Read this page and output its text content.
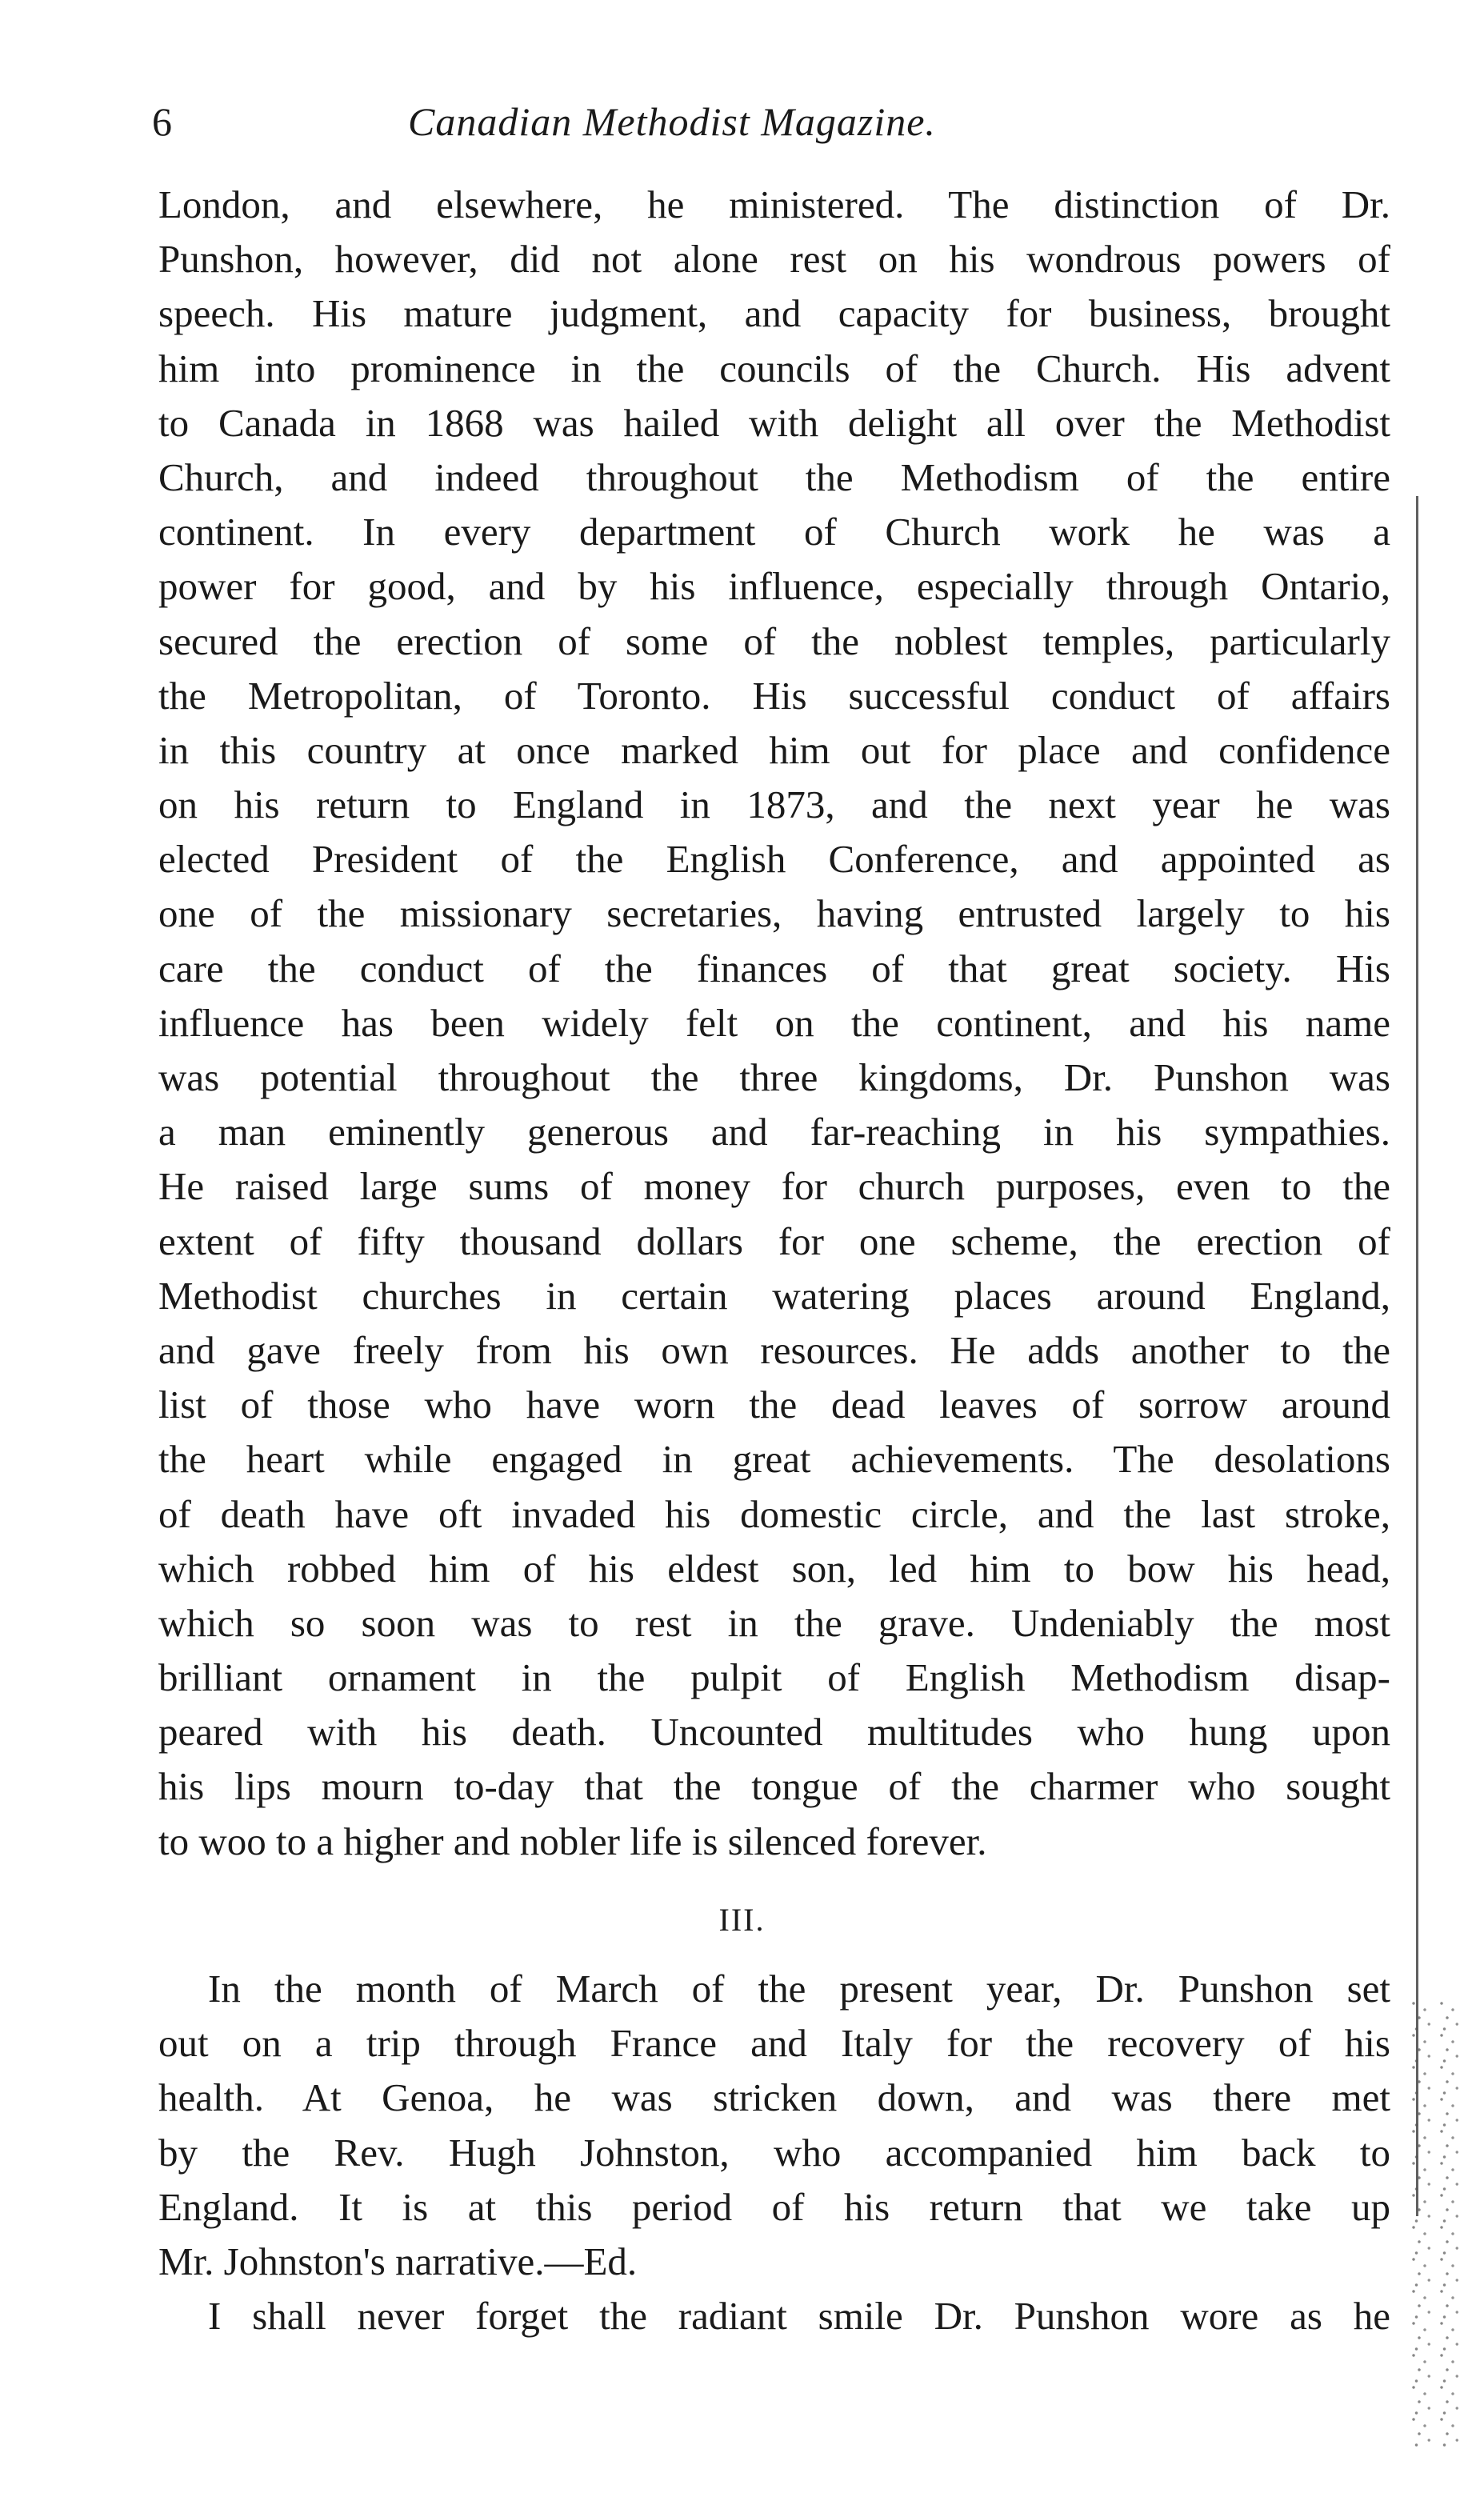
6	Canadian Methodist Magazine.
London, and elsewhere, he ministered. The distinction of Dr.
Punshon, however, did not alone rest on his wondrous powers of
speech. His mature judgment, and capacity for business, brought
him into prominence in the councils of the Church. His advent
to Canada in 1868 was hailed with delight all over the Methodist
Church, and indeed throughout the Methodism of the entire
continent. In every department of Church work he was a
power for good, and by his influence, especially through Ontario,
secured the erection of some of the noblest temples, particularly
the Metropolitan, of Toronto. His successful conduct of affairs
in this country at once marked him out for place and confidence
on his return to England in 1873, and the next year he was
elected President of the English Conference, and appointed as
one of the missionary secretaries, having entrusted largely to his
care the conduct of the finances of that great society. His
influence has been widely felt on the continent, and his name
was potential throughout the three kingdoms, Dr. Punshon was
a man eminently generous and far-reaching in his sympathies.
He raised large sums of money for church purposes, even to the
extent of fifty thousand dollars for one scheme, the erection of
Methodist churches in certain watering places around England,
and gave freely from his own resources. He adds another to the
list of those who have worn the dead leaves of sorrow around
the heart while engaged in great achievements. The desolations
of death have oft invaded his domestic circle, and the last stroke,
which robbed him of his eldest son, led him to bow his head,
which so soon was to rest in the grave. Undeniably the most
brilliant ornament in the pulpit of English Methodism disap-
peared with his death. Uncounted multitudes who hung upon
his lips mourn to-day that the tongue of the charmer who sought
to woo to a higher and nobler life is silenced forever.
III.
In the month of March of the present year, Dr. Punshon set
out on a trip through France and Italy for the recovery of his
health. At Genoa, he was stricken down, and was there met
by the Rev. Hugh Johnston, who accompanied him back to
England. It is at this period of his return that we take up
Mr. Johnston's narrative.—Ed.
I shall never forget the radiant smile Dr. Punshon wore as he
